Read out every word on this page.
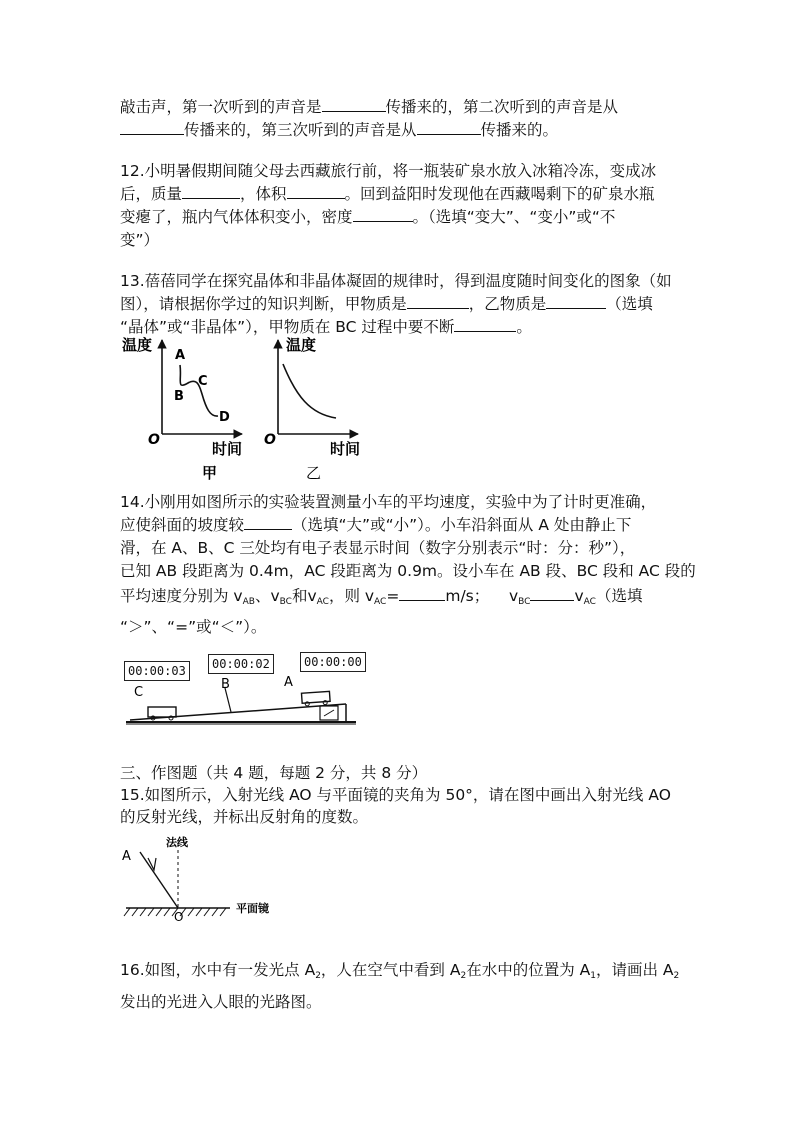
敲击声，第一次听到的声音是	传播来的，第二次听到的声音是从
传播来的，第三次听到的声音是从	传播来的。
12.小明暑假期间随父母去西藏旅行前，将一瓶装矿泉水放入冰箱冷冻，变成冰
后，质量	，体积	。回到益阳时发现他在西藏喝剩下的矿泉水瓶
变瘪了，瓶内气体体积变小，密度	。（选填“变大”、“变小”或“不
变”）
13.蓓蓓同学在探究晶体和非晶体凝固的规律时，得到温度随时间变化的图象（如
图），请根据你学过的知识判断，甲物质是	，乙物质是	（选填
“晶体”或“非晶体”），甲物质在 BC 过程中要不断	。
温度
时间
O
A
B
C
D
甲
温度
时间
O
乙
14.小刚用如图所示的实验装置测量小车的平均速度，实验中为了计时更准确，
应使斜面的坡度较	（选填“大”或“小”）。小车沿斜面从 A 处由静止下
滑，在 A、B、C 三处均有电子表显示时间（数字分别表示“时：分：秒”），
已知 AB 段距离为 0.4m，AC 段距离为 0.9m。设小车在 AB 段、BC 段和 AC 段的
平均速度分别为 $v_{AB}$、$v_{BC}$和$v_{AC}$，则 $v_{AC}=$	m/s； $v_{BC}$	$v_{AC}$（选填
“＞”、“=”或“＜”）。
00:00:03	00:00:02	00:00:00
C
B	A
三、作图题（共 4 题，每题 2 分，共 8 分）
15.如图所示，入射光线 AO 与平面镜的夹角为 50°，请在图中画出入射光线 AO
的反射光线，并标出反射角的度数。
法线
A
O
平面镜
16.如图，水中有一发光点 $A_2$，人在空气中看到 $A_2$在水中的位置为 $A_1$，请画出 $A_2$
发出的光进入人眼的光路图。
